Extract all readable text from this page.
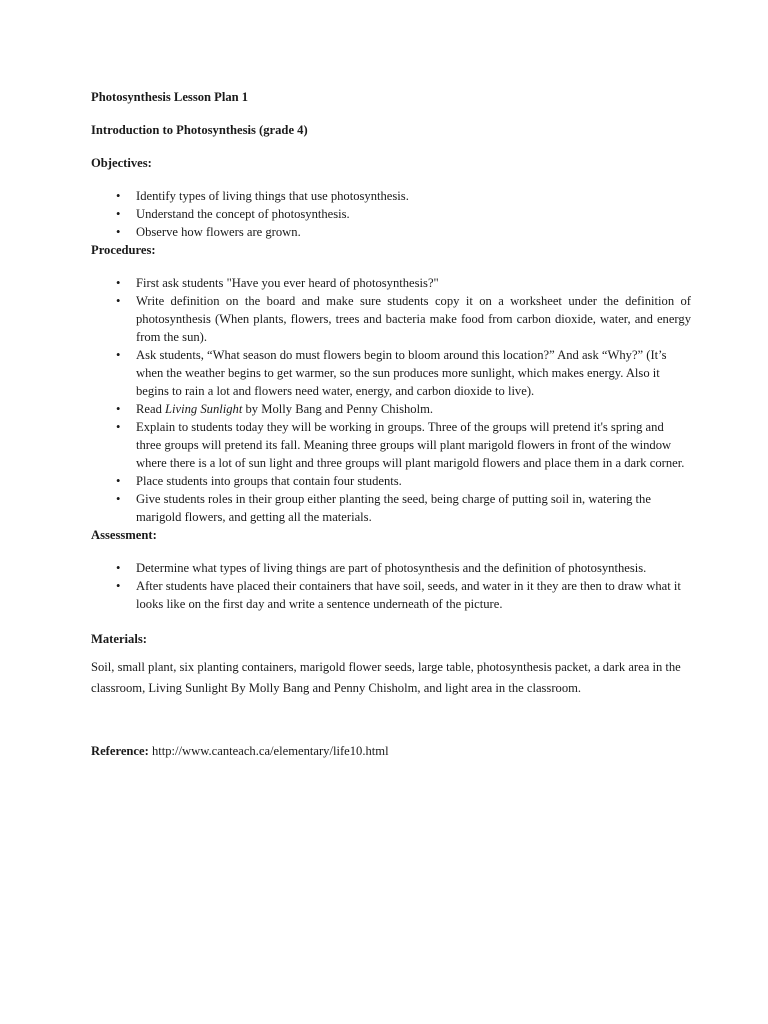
Photosynthesis Lesson Plan 1
Introduction to Photosynthesis (grade 4)
Objectives:
• Identify types of living things that use photosynthesis.
• Understand the concept of photosynthesis.
• Observe how flowers are grown.
Procedures:
• First ask students "Have you ever heard of photosynthesis?"
• Write definition on the board and make sure students copy it on a worksheet under the definition of photosynthesis (When plants, flowers, trees and bacteria make food from carbon dioxide, water, and energy from the sun).
• Ask students, “What season do must flowers begin to bloom around this location?” And ask “Why?” (It’s when the weather begins to get warmer, so the sun produces more sunlight, which makes energy. Also it begins to rain a lot and flowers need water, energy, and carbon dioxide to live).
• Read Living Sunlight by Molly Bang and Penny Chisholm.
• Explain to students today they will be working in groups. Three of the groups will pretend it's spring and three groups will pretend its fall. Meaning three groups will plant marigold flowers in front of the window where there is a lot of sun light and three groups will plant marigold flowers and place them in a dark corner.
• Place students into groups that contain four students.
• Give students roles in their group either planting the seed, being charge of putting soil in, watering the marigold flowers, and getting all the materials.
Assessment:
• Determine what types of living things are part of photosynthesis and the definition of photosynthesis.
• After students have placed their containers that have soil, seeds, and water in it they are then to draw what it looks like on the first day and write a sentence underneath of the picture.
Materials:
Soil, small plant, six planting containers, marigold flower seeds, large table, photosynthesis packet, a dark area in the classroom, Living Sunlight By Molly Bang and Penny Chisholm, and light area in the classroom.
Reference: http://www.canteach.ca/elementary/life10.html
